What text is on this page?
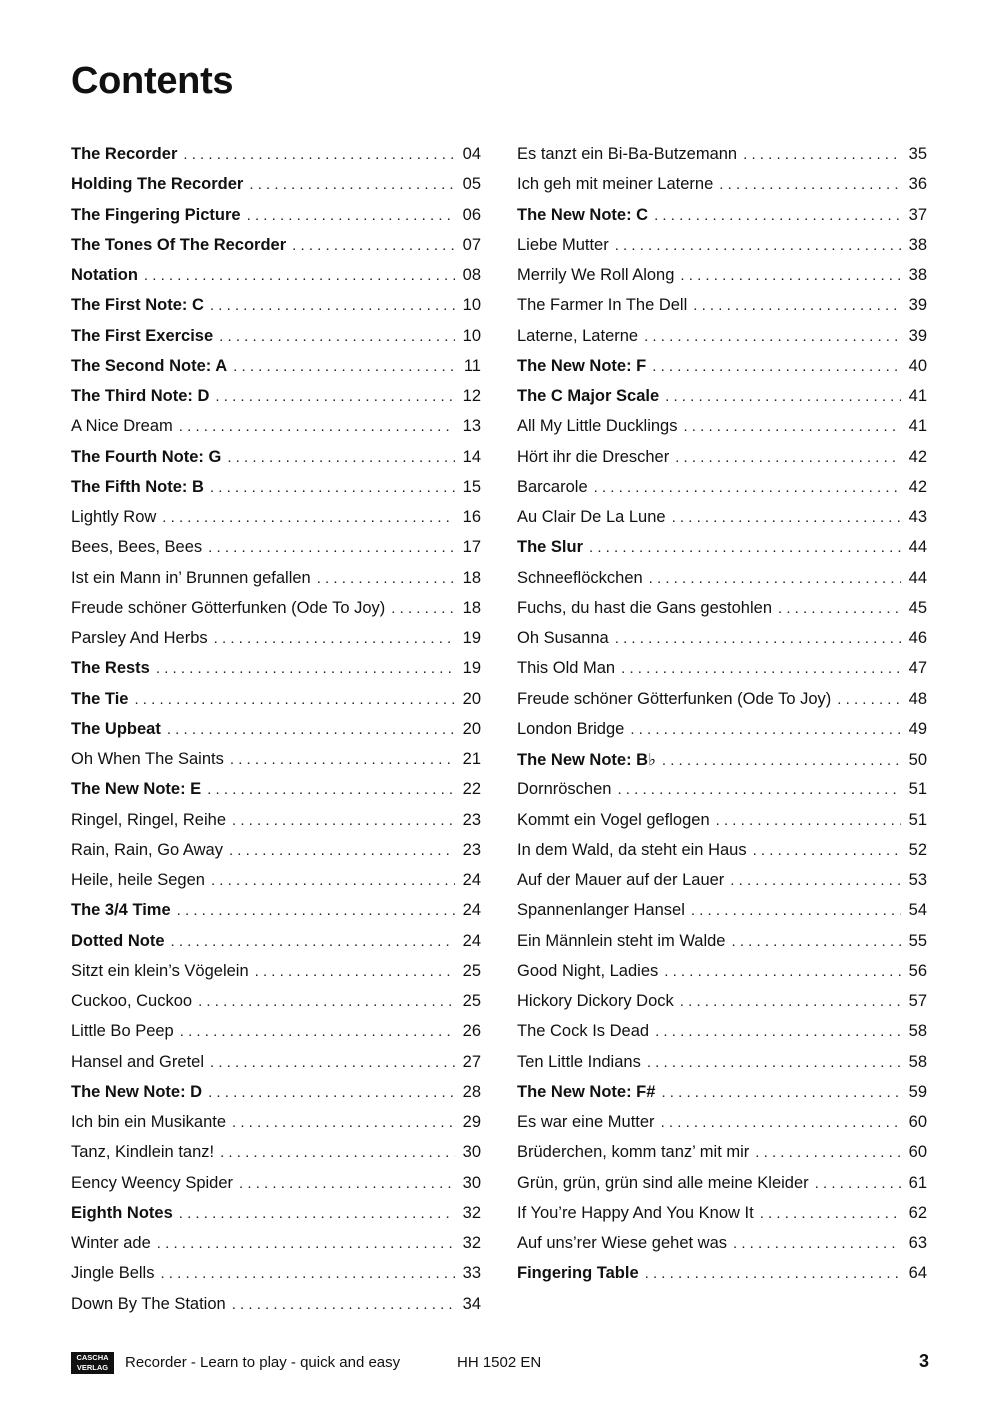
Contents
The Recorder . . .	04
Holding The Recorder . . .	05
The Fingering Picture . . .	06
The Tones Of The Recorder . . .	07
Notation . . .	08
The First Note: C . . .	10
The First Exercise . . .	10
The Second Note: A . . .	11
The Third Note: D . . .	12
A Nice Dream . . .	13
The Fourth Note: G . . .	14
The Fifth Note: B . . .	15
Lightly Row . . .	16
Bees, Bees, Bees . . .	17
Ist ein Mann in’ Brunnen gefallen . . .	18
Freude schöner Götterfunken (Ode To Joy) . . .	18
Parsley And Herbs . . .	19
The Rests . . .	19
The Tie . . .	20
The Upbeat . . .	20
Oh When The Saints . . .	21
The New Note: E . . .	22
Ringel, Ringel, Reihe . . .	23
Rain, Rain, Go Away . . .	23
Heile, heile Segen . . .	24
The 3/4 Time . . .	24
Dotted Note . . .	24
Sitzt ein klein’s Vögelein . . .	25
Cuckoo, Cuckoo . . .	25
Little Bo Peep . . .	26
Hansel and Gretel . . .	27
The New Note: D . . .	28
Ich bin ein Musikante . . .	29
Tanz, Kindlein tanz! . . .	30
Eency Weency Spider . . .	30
Eighth Notes . . .	32
Winter ade . . .	32
Jingle Bells . . .	33
Down By The Station . . .	34
Es tanzt ein Bi-Ba-Butzemann . . .	35
Ich geh mit meiner Laterne . . .	36
The New Note: C . . .	37
Liebe Mutter . . .	38
Merrily We Roll Along . . .	38
The Farmer In The Dell . . .	39
Laterne, Laterne . . .	39
The New Note: F . . .	40
The C Major Scale . . .	41
All My Little Ducklings . . .	41
Hört ihr die Drescher . . .	42
Barcarole . . .	42
Au Clair De La Lune . . .	43
The Slur . . .	44
Schneeflöckchen . . .	44
Fuchs, du hast die Gans gestohlen . . .	45
Oh Susanna . . .	46
This Old Man . . .	47
Freude schöner Götterfunken (Ode To Joy) . . .	48
London Bridge . . .	49
The New Note: B♭ . . .	50
Dornröschen . . .	51
Kommt ein Vogel geflogen . . .	51
In dem Wald, da steht ein Haus . . .	52
Auf der Mauer auf der Lauer . . .	53
Spannenlanger Hansel . . .	54
Ein Männlein steht im Walde . . .	55
Good Night, Ladies . . .	56
Hickory Dickory Dock . . .	57
The Cock Is Dead . . .	58
Ten Little Indians . . .	58
The New Note: F# . . .	59
Es war eine Mutter . . .	60
Brüderchen, komm tanz’ mit mir . . .	60
Grün, grün, grün sind alle meine Kleider . . .	61
If You’re Happy And You Know It . . .	62
Auf uns’rer Wiese gehet was . . .	63
Fingering Table . . .	64
CASCHA
VERLAG	Recorder - Learn to play - quick and easy	HH 1502 EN	3
